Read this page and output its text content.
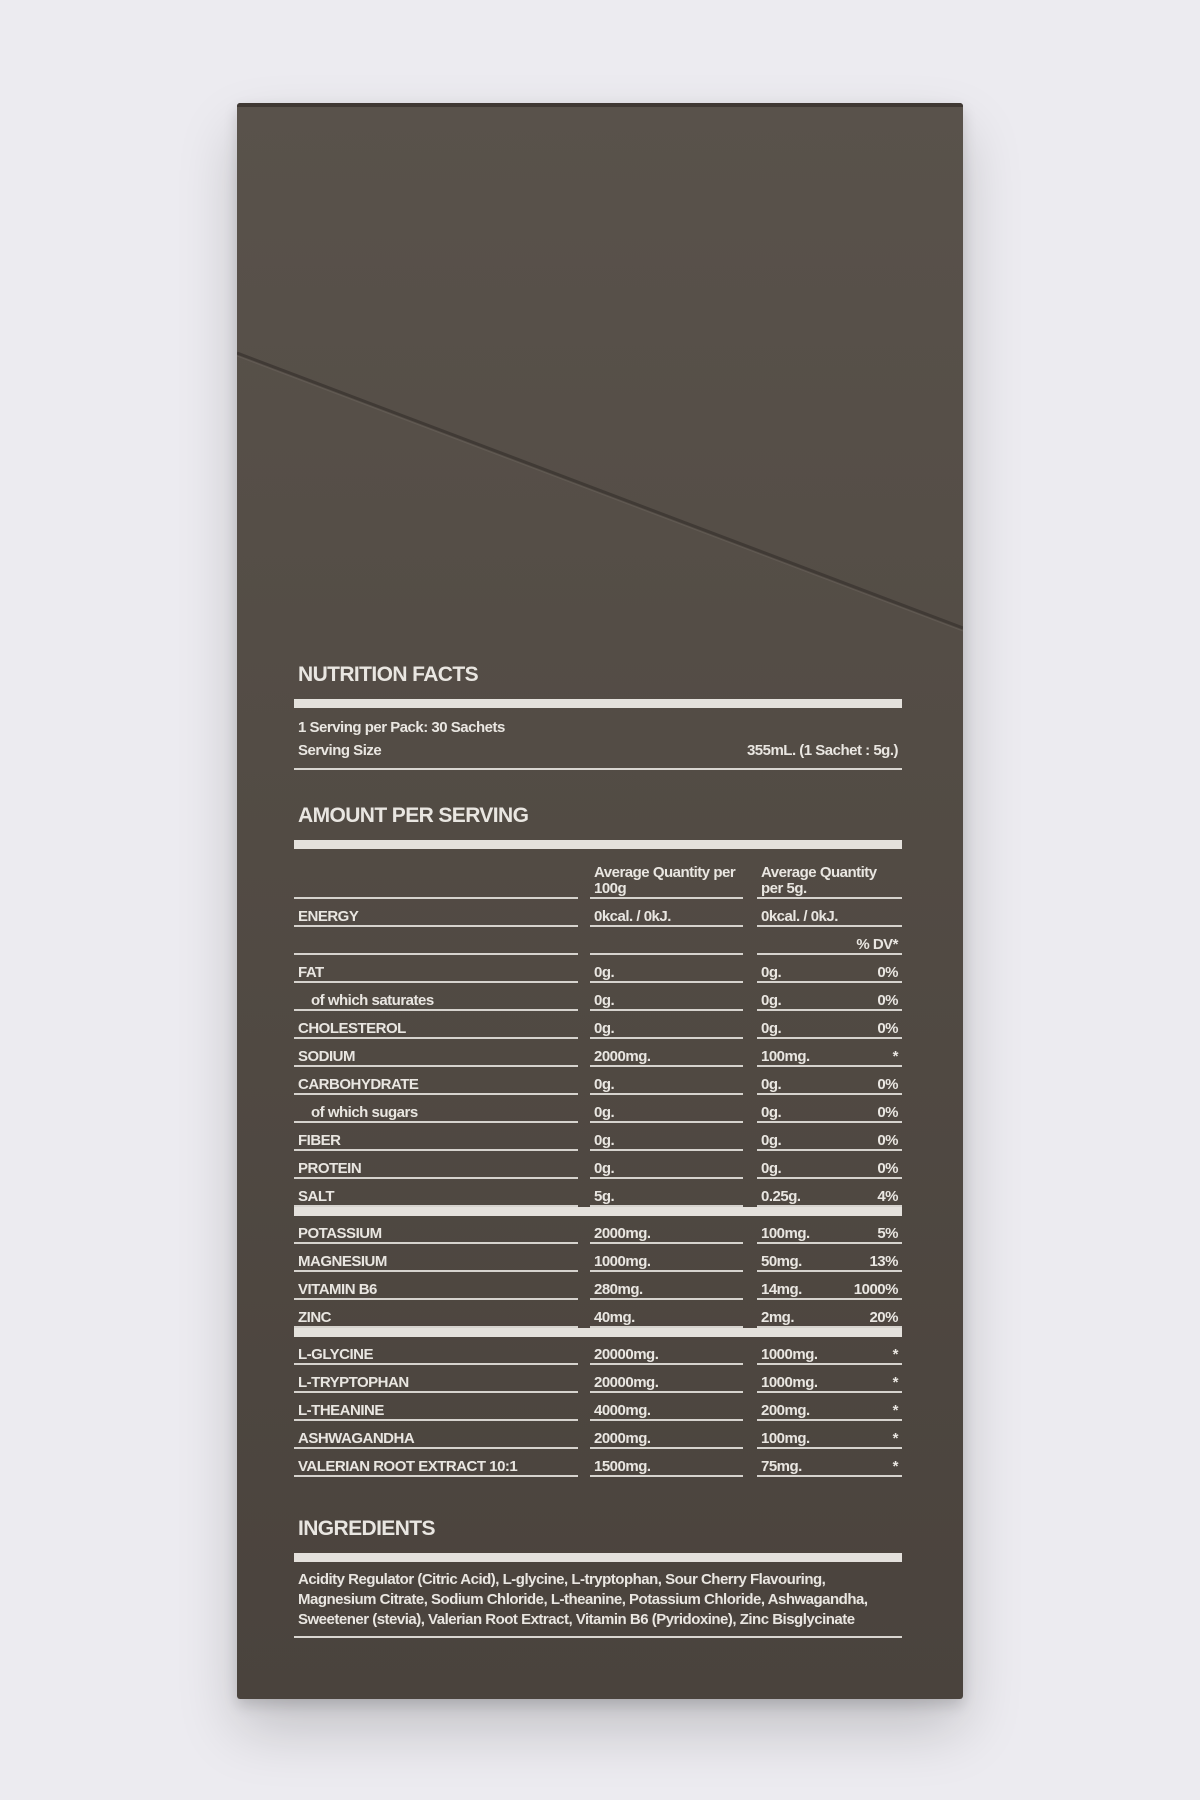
NUTRITION FACTS
1 Serving per Pack: 30 Sachets
Serving Size	355mL. (1 Sachet : 5g.)
AMOUNT PER SERVING
		Average Quantity per 100g		Average Quantity per 5g.	
ENERGY		0kcal. / 0kJ.		0kcal. / 0kJ.	
					% DV*
FAT		0g.		0g.	0%
of which saturates		0g.		0g.	0%
CHOLESTEROL		0g.		0g.	0%
SODIUM		2000mg.		100mg.	*
CARBOHYDRATE		0g.		0g.	0%
of which sugars		0g.		0g.	0%
FIBER		0g.		0g.	0%
PROTEIN		0g.		0g.	0%
SALT		5g.		0.25g.	4%

POTASSIUM		2000mg.		100mg.	5%
MAGNESIUM		1000mg.		50mg.	13%
VITAMIN B6		280mg.		14mg.	1000%
ZINC		40mg.		2mg.	20%

L-GLYCINE		20000mg.		1000mg.	*
L-TRYPTOPHAN		20000mg.		1000mg.	*
L-THEANINE		4000mg.		200mg.	*
ASHWAGANDHA		2000mg.		100mg.	*
VALERIAN ROOT EXTRACT 10:1		1500mg.		75mg.	*
INGREDIENTS
Acidity Regulator (Citric Acid), L-glycine, L-tryptophan, Sour Cherry Flavouring, Magnesium Citrate, Sodium Chloride, L-theanine, Potassium Chloride, Ashwagandha, Sweetener (stevia), Valerian Root Extract, Vitamin B6 (Pyridoxine), Zinc Bisglycinate
